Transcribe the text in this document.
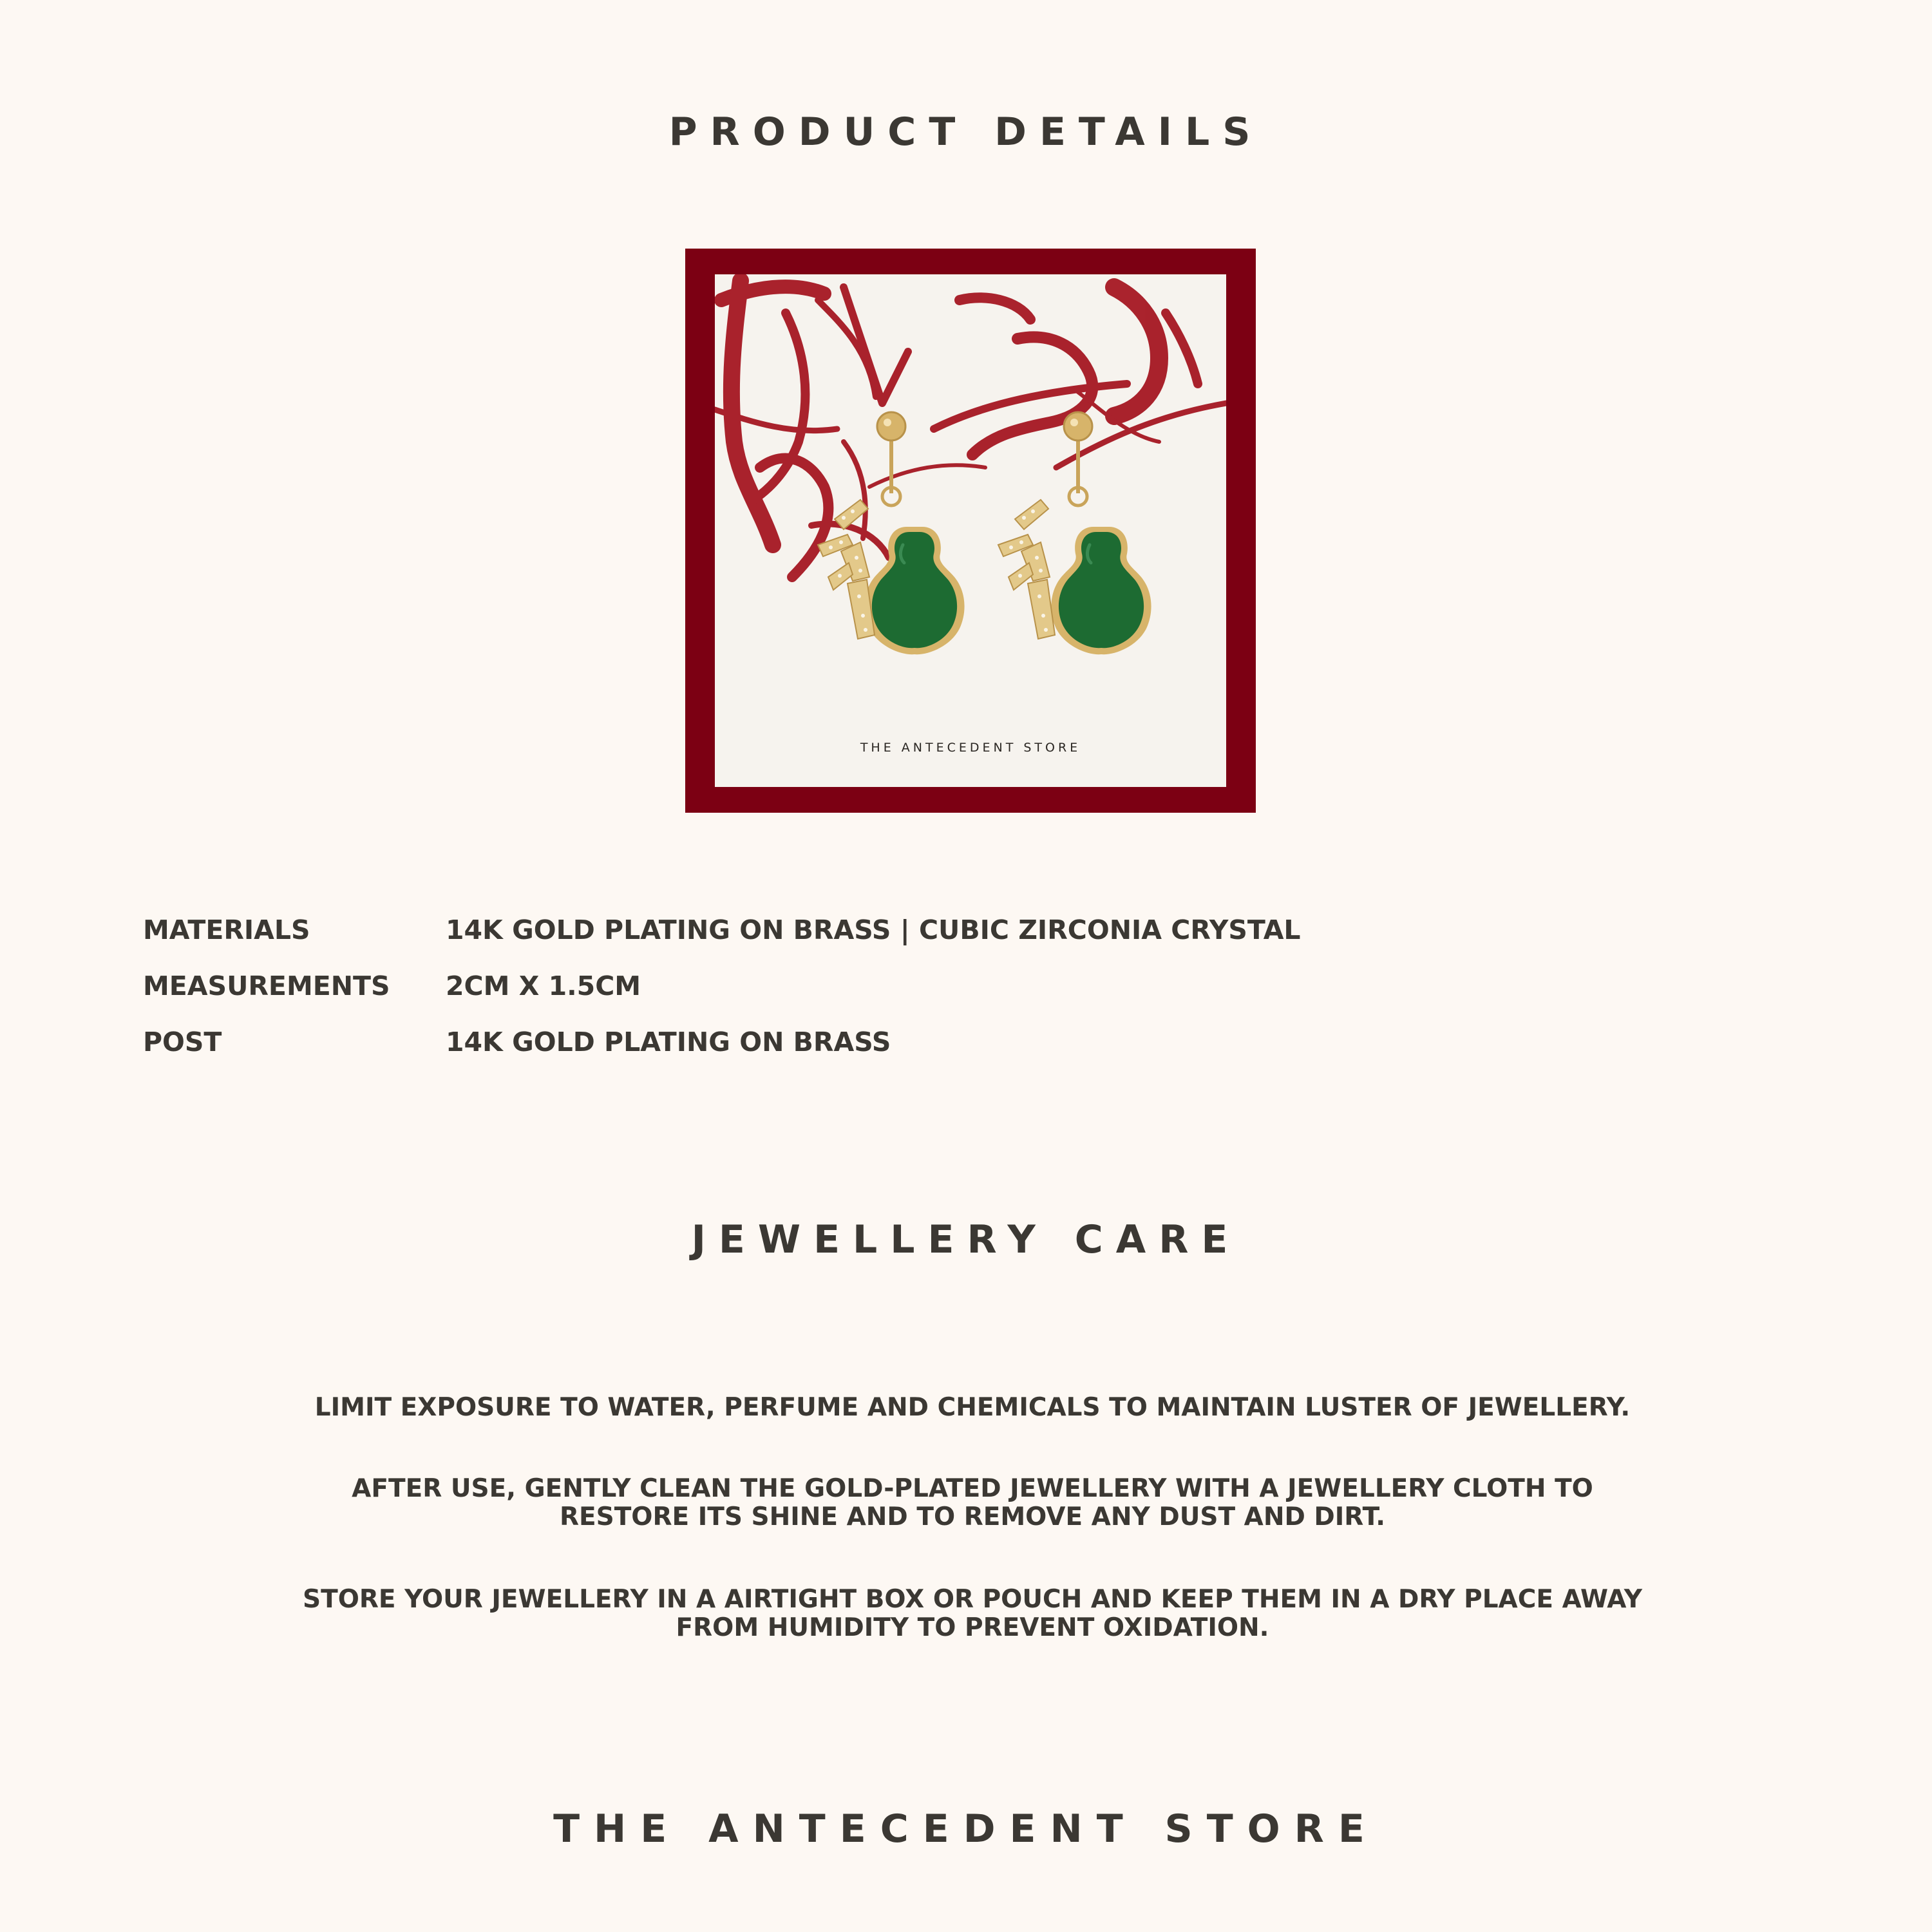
PRODUCT DETAILS
THE ANTECEDENT STORE
MATERIALS	14K GOLD PLATING ON BRASS | CUBIC ZIRCONIA CRYSTAL
MEASUREMENTS 2CM X 1.5CM
POST	14K GOLD PLATING ON BRASS
JEWELLERY CARE

LIMIT EXPOSURE TO WATER, PERFUME AND CHEMICALS TO MAINTAIN LUSTER OF JEWELLERY.

AFTER USE, GENTLY CLEAN THE GOLD-PLATED JEWELLERY WITH A JEWELLERY CLOTH TO RESTORE ITS SHINE AND TO REMOVE ANY DUST AND DIRT.

STORE YOUR JEWELLERY IN A AIRTIGHT BOX OR POUCH AND KEEP THEM IN A DRY PLACE AWAY FROM HUMIDITY TO PREVENT OXIDATION.

THE ANTECEDENT STORE
